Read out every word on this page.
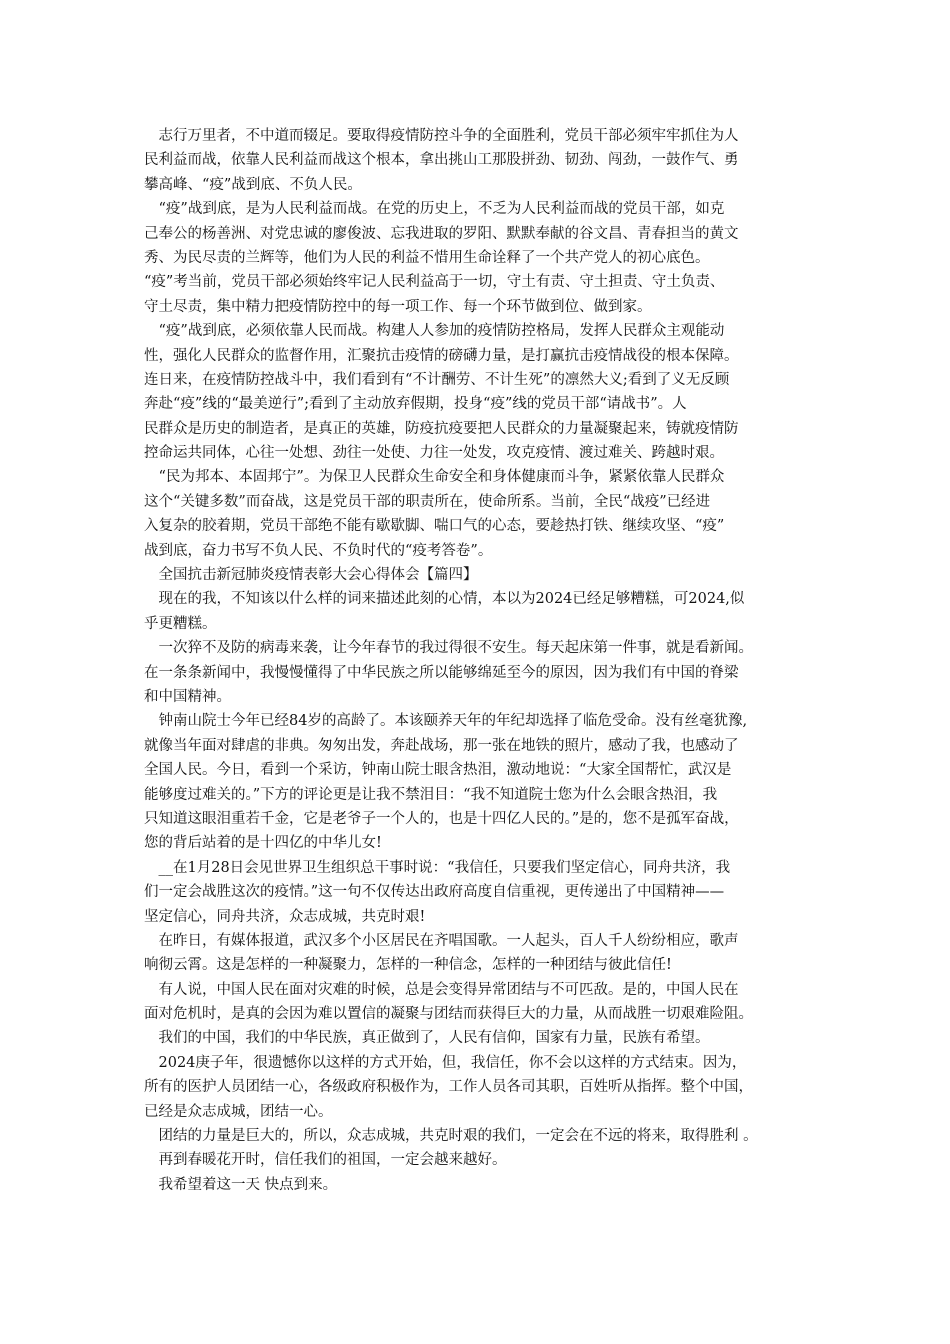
　志行万里者，不中道而辍足。要取得疫情防控斗争的全面胜利，党员干部必须牢牢抓住为人
民利益而战，依靠人民利益而战这个根本，拿出挑山工那股拼劲、韧劲、闯劲，一鼓作气、勇
攀高峰、“疫”战到底、不负人民。
　“疫”战到底，是为人民利益而战。在党的历史上，不乏为人民利益而战的党员干部，如克
己奉公的杨善洲、对党忠诚的廖俊波、忘我进取的罗阳、默默奉献的谷文昌、青春担当的黄文
秀、为民尽责的兰辉等，他们为人民的利益不惜用生命诠释了一个共产党人的初心底色。
“疫”考当前，党员干部必须始终牢记人民利益高于一切，守土有责、守土担责、守土负责、
守土尽责，集中精力把疫情防控中的每一项工作、每一个环节做到位、做到家。
　“疫”战到底，必须依靠人民而战。构建人人参加的疫情防控格局，发挥人民群众主观能动
性，强化人民群众的监督作用，汇聚抗击疫情的磅礴力量，是打赢抗击疫情战役的根本保障。
连日来，在疫情防控战斗中，我们看到有“不计酬劳、不计生死”的凛然大义;看到了义无反顾
奔赴“疫”线的“最美逆行”;看到了主动放弃假期，投身“疫”线的党员干部“请战书”。人
民群众是历史的制造者，是真正的英雄，防疫抗疫要把人民群众的力量凝聚起来，铸就疫情防
控命运共同体，心往一处想、劲往一处使、力往一处发，攻克疫情、渡过难关、跨越时艰。
　“民为邦本、本固邦宁”。为保卫人民群众生命安全和身体健康而斗争，紧紧依靠人民群众
这个“关键多数”而奋战，这是党员干部的职责所在，使命所系。当前，全民“战疫”已经进
入复杂的胶着期，党员干部绝不能有歇歇脚、喘口气的心态，要趁热打铁、继续攻坚、“疫”
战到底，奋力书写不负人民、不负时代的“疫考答卷”。
　全国抗击新冠肺炎疫情表彰大会心得体会【篇四】
　现在的我，不知该以什么样的词来描述此刻的心情，本以为2024已经足够糟糕，可2024,似
乎更糟糕。
　一次猝不及防的病毒来袭，让今年春节的我过得很不安生。每天起床第一件事，就是看新闻。
在一条条新闻中，我慢慢懂得了中华民族之所以能够绵延至今的原因，因为我们有中国的脊梁
和中国精神。
　钟南山院士今年已经84岁的高龄了。本该颐养天年的年纪却选择了临危受命。没有丝毫犹豫,
就像当年面对肆虐的非典。匆匆出发，奔赴战场，那一张在地铁的照片，感动了我，也感动了
全国人民。今日，看到一个采访，钟南山院士眼含热泪，激动地说：“大家全国帮忙，武汉是
能够度过难关的。”下方的评论更是让我不禁泪目：“我不知道院士您为什么会眼含热泪，我
只知道这眼泪重若千金，它是老爷子一个人的，也是十四亿人民的。”是的，您不是孤军奋战，
您的背后站着的是十四亿的中华儿女!
　__在1月28日会见世界卫生组织总干事时说：“我信任，只要我们坚定信心，同舟共济，我
们一定会战胜这次的疫情。”这一句不仅传达出政府高度自信重视，更传递出了中国精神——
坚定信心，同舟共济，众志成城，共克时艰!
　在昨日，有媒体报道，武汉多个小区居民在齐唱国歌。一人起头，百人千人纷纷相应，歌声
响彻云霄。这是怎样的一种凝聚力，怎样的一种信念，怎样的一种团结与彼此信任!
　有人说，中国人民在面对灾难的时候，总是会变得异常团结与不可匹敌。是的，中国人民在
面对危机时，是真的会因为难以置信的凝聚与团结而获得巨大的力量，从而战胜一切艰难险阻。
　我们的中国，我们的中华民族，真正做到了，人民有信仰，国家有力量，民族有希望。
　2024庚子年，很遗憾你以这样的方式开始，但，我信任，你不会以这样的方式结束。因为，
所有的医护人员团结一心，各级政府积极作为，工作人员各司其职，百姓听从指挥。整个中国，
已经是众志成城，团结一心。
　团结的力量是巨大的，所以，众志成城，共克时艰的我们，一定会在不远的将来，取得胜利 。
　再到春暖花开时，信任我们的祖国，一定会越来越好。
　我希望着这一天 快点到来。
